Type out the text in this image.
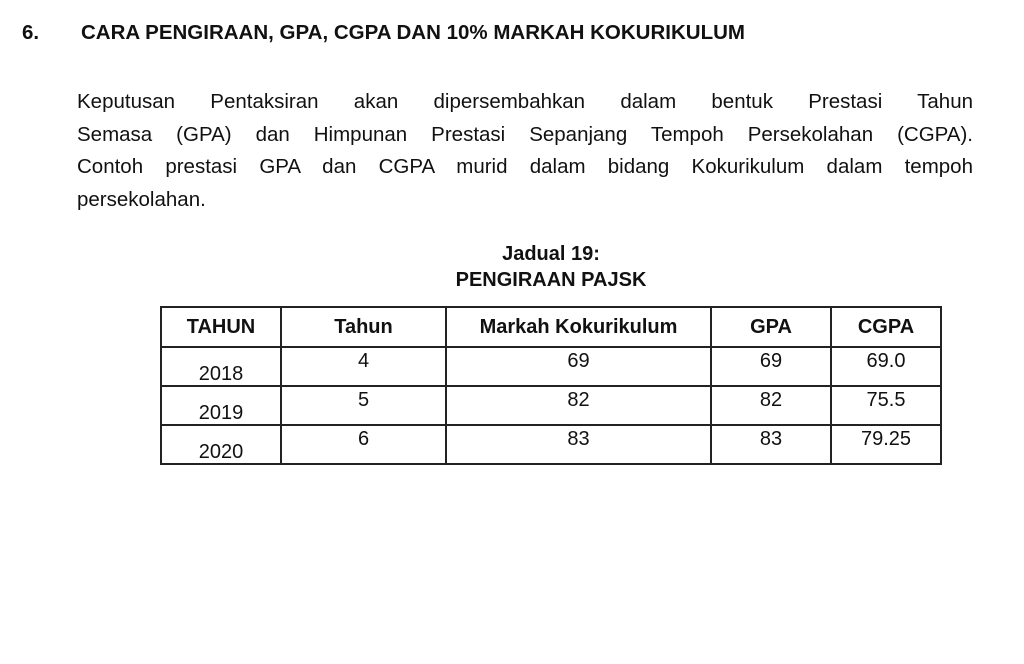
6.	CARA PENGIRAAN, GPA, CGPA DAN 10% MARKAH KOKURIKULUM
Keputusan Pentaksiran akan dipersembahkan dalam bentuk Prestasi Tahun
Semasa (GPA) dan Himpunan Prestasi Sepanjang Tempoh Persekolahan (CGPA).
Contoh prestasi GPA dan CGPA murid dalam bidang Kokurikulum dalam tempoh
persekolahan.
Jadual 19:
PENGIRAAN PAJSK
TAHUN	Tahun	Markah Kokurikulum	GPA	CGPA

2018	4	69	69	69.0

2019	5	82	82	75.5

2020	6	83	83	79.25
